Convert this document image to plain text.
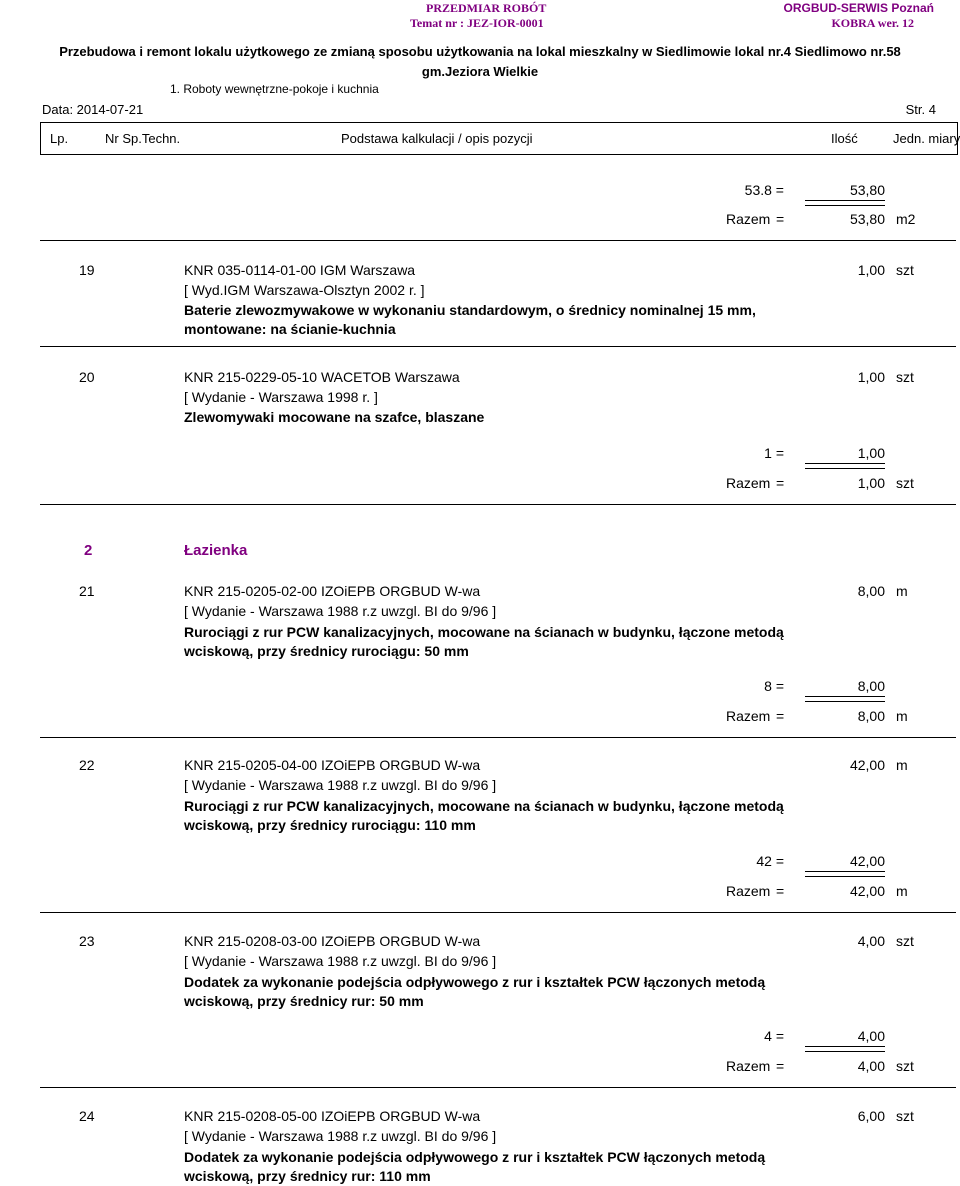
PRZEDMIAR ROBÓT
Temat nr : JEZ-IOR-0001
ORGBUD-SERWIS Poznań
KOBRA wer. 12
Przebudowa i remont lokalu użytkowego ze zmianą sposobu użytkowania na lokal mieszkalny w Siedlimowie lokal nr.4 Siedlimowo nr.58
gm.Jeziora Wielkie
1. Roboty wewnętrzne-pokoje i kuchnia
Data: 2014-07-21	Str. 4
Lp.	Nr Sp.Techn.	Podstawa kalkulacji / opis pozycji	Ilość	Jedn. miary
53.8 =	53,80
Razem =	53,80 m2
19	KNR 035-0114-01-00 IGM Warszawa	1,00 szt
[ Wyd.IGM Warszawa-Olsztyn 2002 r. ]
Baterie zlewozmywakowe w wykonaniu standardowym, o średnicy nominalnej 15 mm,
montowane: na ścianie-kuchnia
20	KNR 215-0229-05-10 WACETOB Warszawa	1,00 szt
[ Wydanie - Warszawa 1998 r. ]
Zlewomywaki mocowane na szafce, blaszane
1 =	1,00
Razem =	1,00 szt
2	Łazienka
21	KNR 215-0205-02-00 IZOiEPB ORGBUD W-wa	8,00 m
[ Wydanie - Warszawa 1988 r.z uwzgl. BI do 9/96 ]
Rurociągi z rur PCW kanalizacyjnych, mocowane na ścianach w budynku, łączone metodą
wciskową, przy średnicy rurociągu: 50 mm
8 =	8,00
Razem =	8,00 m
22	KNR 215-0205-04-00 IZOiEPB ORGBUD W-wa	42,00 m
[ Wydanie - Warszawa 1988 r.z uwzgl. BI do 9/96 ]
Rurociągi z rur PCW kanalizacyjnych, mocowane na ścianach w budynku, łączone metodą
wciskową, przy średnicy rurociągu: 110 mm
42 =	42,00
Razem =	42,00 m
23	KNR 215-0208-03-00 IZOiEPB ORGBUD W-wa	4,00 szt
[ Wydanie - Warszawa 1988 r.z uwzgl. BI do 9/96 ]
Dodatek za wykonanie podejścia odpływowego z rur i kształtek PCW łączonych metodą
wciskową, przy średnicy rur: 50 mm
4 =	4,00
Razem =	4,00 szt
24	KNR 215-0208-05-00 IZOiEPB ORGBUD W-wa	6,00 szt
[ Wydanie - Warszawa 1988 r.z uwzgl. BI do 9/96 ]
Dodatek za wykonanie podejścia odpływowego z rur i kształtek PCW łączonych metodą
wciskową, przy średnicy rur: 110 mm
